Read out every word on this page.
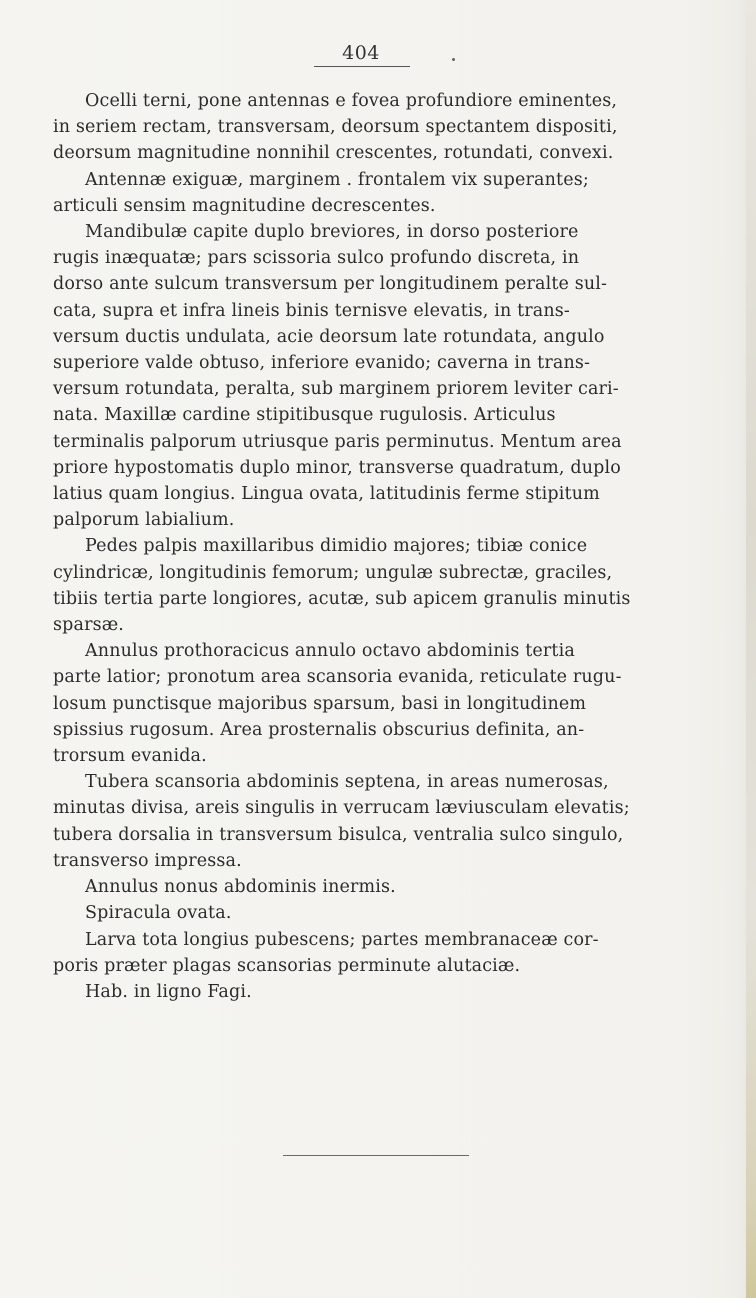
404

Ocelli terni, pone antennas e fovea profundiore eminentes,
in seriem rectam, transversam, deorsum spectantem dispositi,
deorsum magnitudine nonnihil crescentes, rotundati, convexi.

Antennæ exiguæ, marginem . frontalem vix superantes;
articuli sensim magnitudine decrescentes.

Mandibulæ capite duplo breviores, in dorso posteriore
rugis inæquatæ; pars scissoria sulco profundo discreta, in
dorso ante sulcum transversum per longitudinem peralte sul-
cata, supra et infra lineis binis ternisve elevatis, in trans-
versum ductis undulata, acie deorsum late rotundata, angulo
superiore valde obtuso, inferiore evanido; caverna in trans-
versum rotundata, peralta, sub marginem priorem leviter cari-
nata. Maxillæ cardine stipitibusque rugulosis. Articulus
terminalis palporum utriusque paris perminutus. Mentum area
priore hypostomatis duplo minor, transverse quadratum, duplo
latius quam longius. Lingua ovata, latitudinis ferme stipitum
palporum labialium.

Pedes palpis maxillaribus dimidio majores; tibiæ conice
cylindricæ, longitudinis femorum; ungulæ subrectæ, graciles,
tibiis tertia parte longiores, acutæ, sub apicem granulis minutis
sparsæ.

Annulus prothoracicus annulo octavo abdominis tertia
parte latior; pronotum area scansoria evanida, reticulate rugu-
losum punctisque majoribus sparsum, basi in longitudinem
spissius rugosum. Area prosternalis obscurius definita, an-
trorsum evanida.

Tubera scansoria abdominis septena, in areas numerosas,
minutas divisa, areis singulis in verrucam læviusculam elevatis;
tubera dorsalia in transversum bisulca, ventralia sulco singulo,
transverso impressa.

Annulus nonus abdominis inermis.

Spiracula ovata.

Larva tota longius pubescens; partes membranaceæ cor-
poris præter plagas scansorias perminute alutaciæ.

Hab. in ligno Fagi.
